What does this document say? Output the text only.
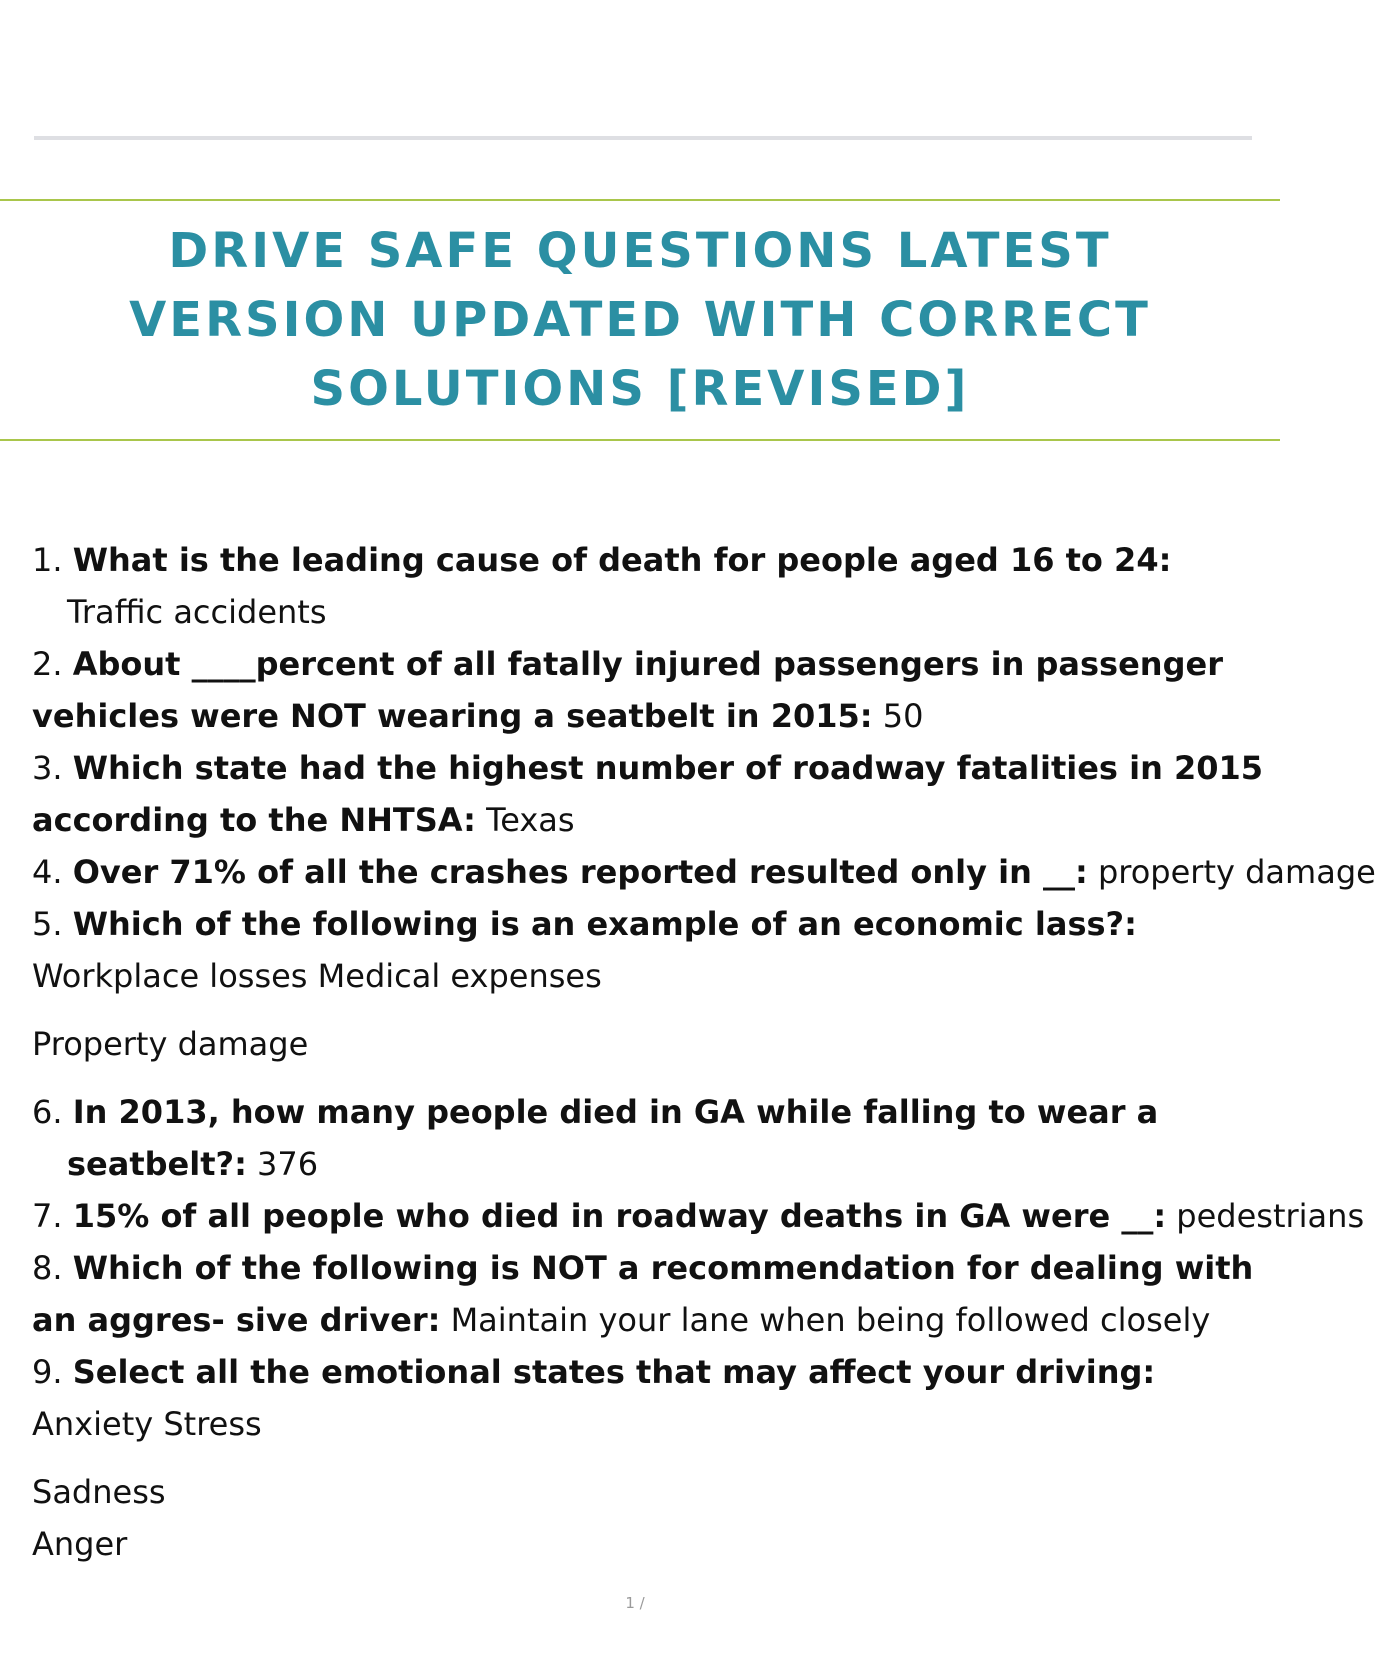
DRIVE SAFE QUESTIONS LATEST VERSION UPDATED WITH CORRECT SOLUTIONS [REVISED]

1. What is the leading cause of death for people aged 16 to 24: Traffic accidents

2. About ____percent of all fatally injured passengers in passenger vehicles were NOT wearing a seatbelt in 2015: 50

3. Which state had the highest number of roadway fatalities in 2015 according to the NHTSA: Texas

4. Over 71% of all the crashes reported resulted only in __: property damage

5. Which of the following is an example of an economic lass?: Workplace losses Medical expenses

Property damage

6. In 2013, how many people died in GA while falling to wear a seatbelt?: 376

7. 15% of all people who died in roadway deaths in GA were __: pedestrians

8. Which of the following is NOT a recommendation for dealing with an aggres- sive driver: Maintain your lane when being followed closely

9. Select all the emotional states that may affect your driving:

Anxiety Stress

Sadness

Anger

1 /
